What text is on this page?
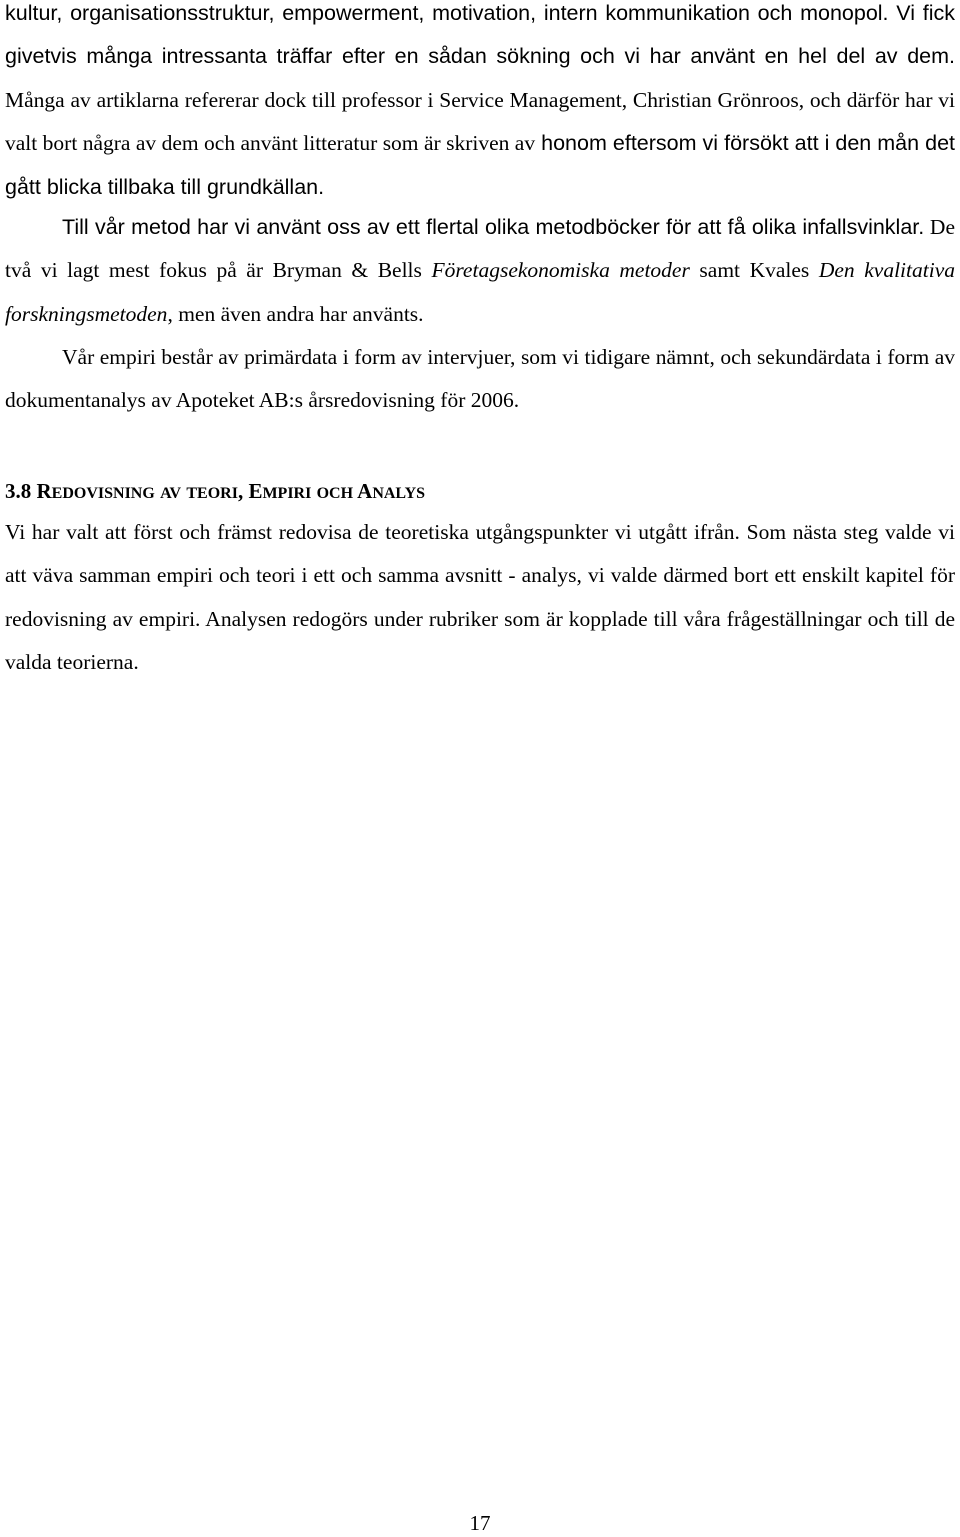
kultur, organisationsstruktur, empowerment, motivation, intern kommunikation och monopol. Vi fick givetvis många intressanta träffar efter en sådan sökning och vi har använt en hel del av dem. Många av artiklarna refererar dock till professor i Service Management, Christian Grönroos, och därför har vi valt bort några av dem och använt litteratur som är skriven av honom eftersom vi försökt att i den mån det gått blicka tillbaka till grundkällan.

Till vår metod har vi använt oss av ett flertal olika metodböcker för att få olika infallsvinklar. De två vi lagt mest fokus på är Bryman & Bells Företagsekonomiska metoder samt Kvales Den kvalitativa forskningsmetoden, men även andra har använts.

Vår empiri består av primärdata i form av intervjuer, som vi tidigare nämnt, och sekundärdata i form av dokumentanalys av Apoteket AB:s årsredovisning för 2006.

3.8 REDOVISNING AV TEORI, EMPIRI OCH ANALYS

Vi har valt att först och främst redovisa de teoretiska utgångspunkter vi utgått ifrån. Som nästa steg valde vi att väva samman empiri och teori i ett och samma avsnitt - analys, vi valde därmed bort ett enskilt kapitel för redovisning av empiri. Analysen redogörs under rubriker som är kopplade till våra frågeställningar och till de valda teorierna.

17
